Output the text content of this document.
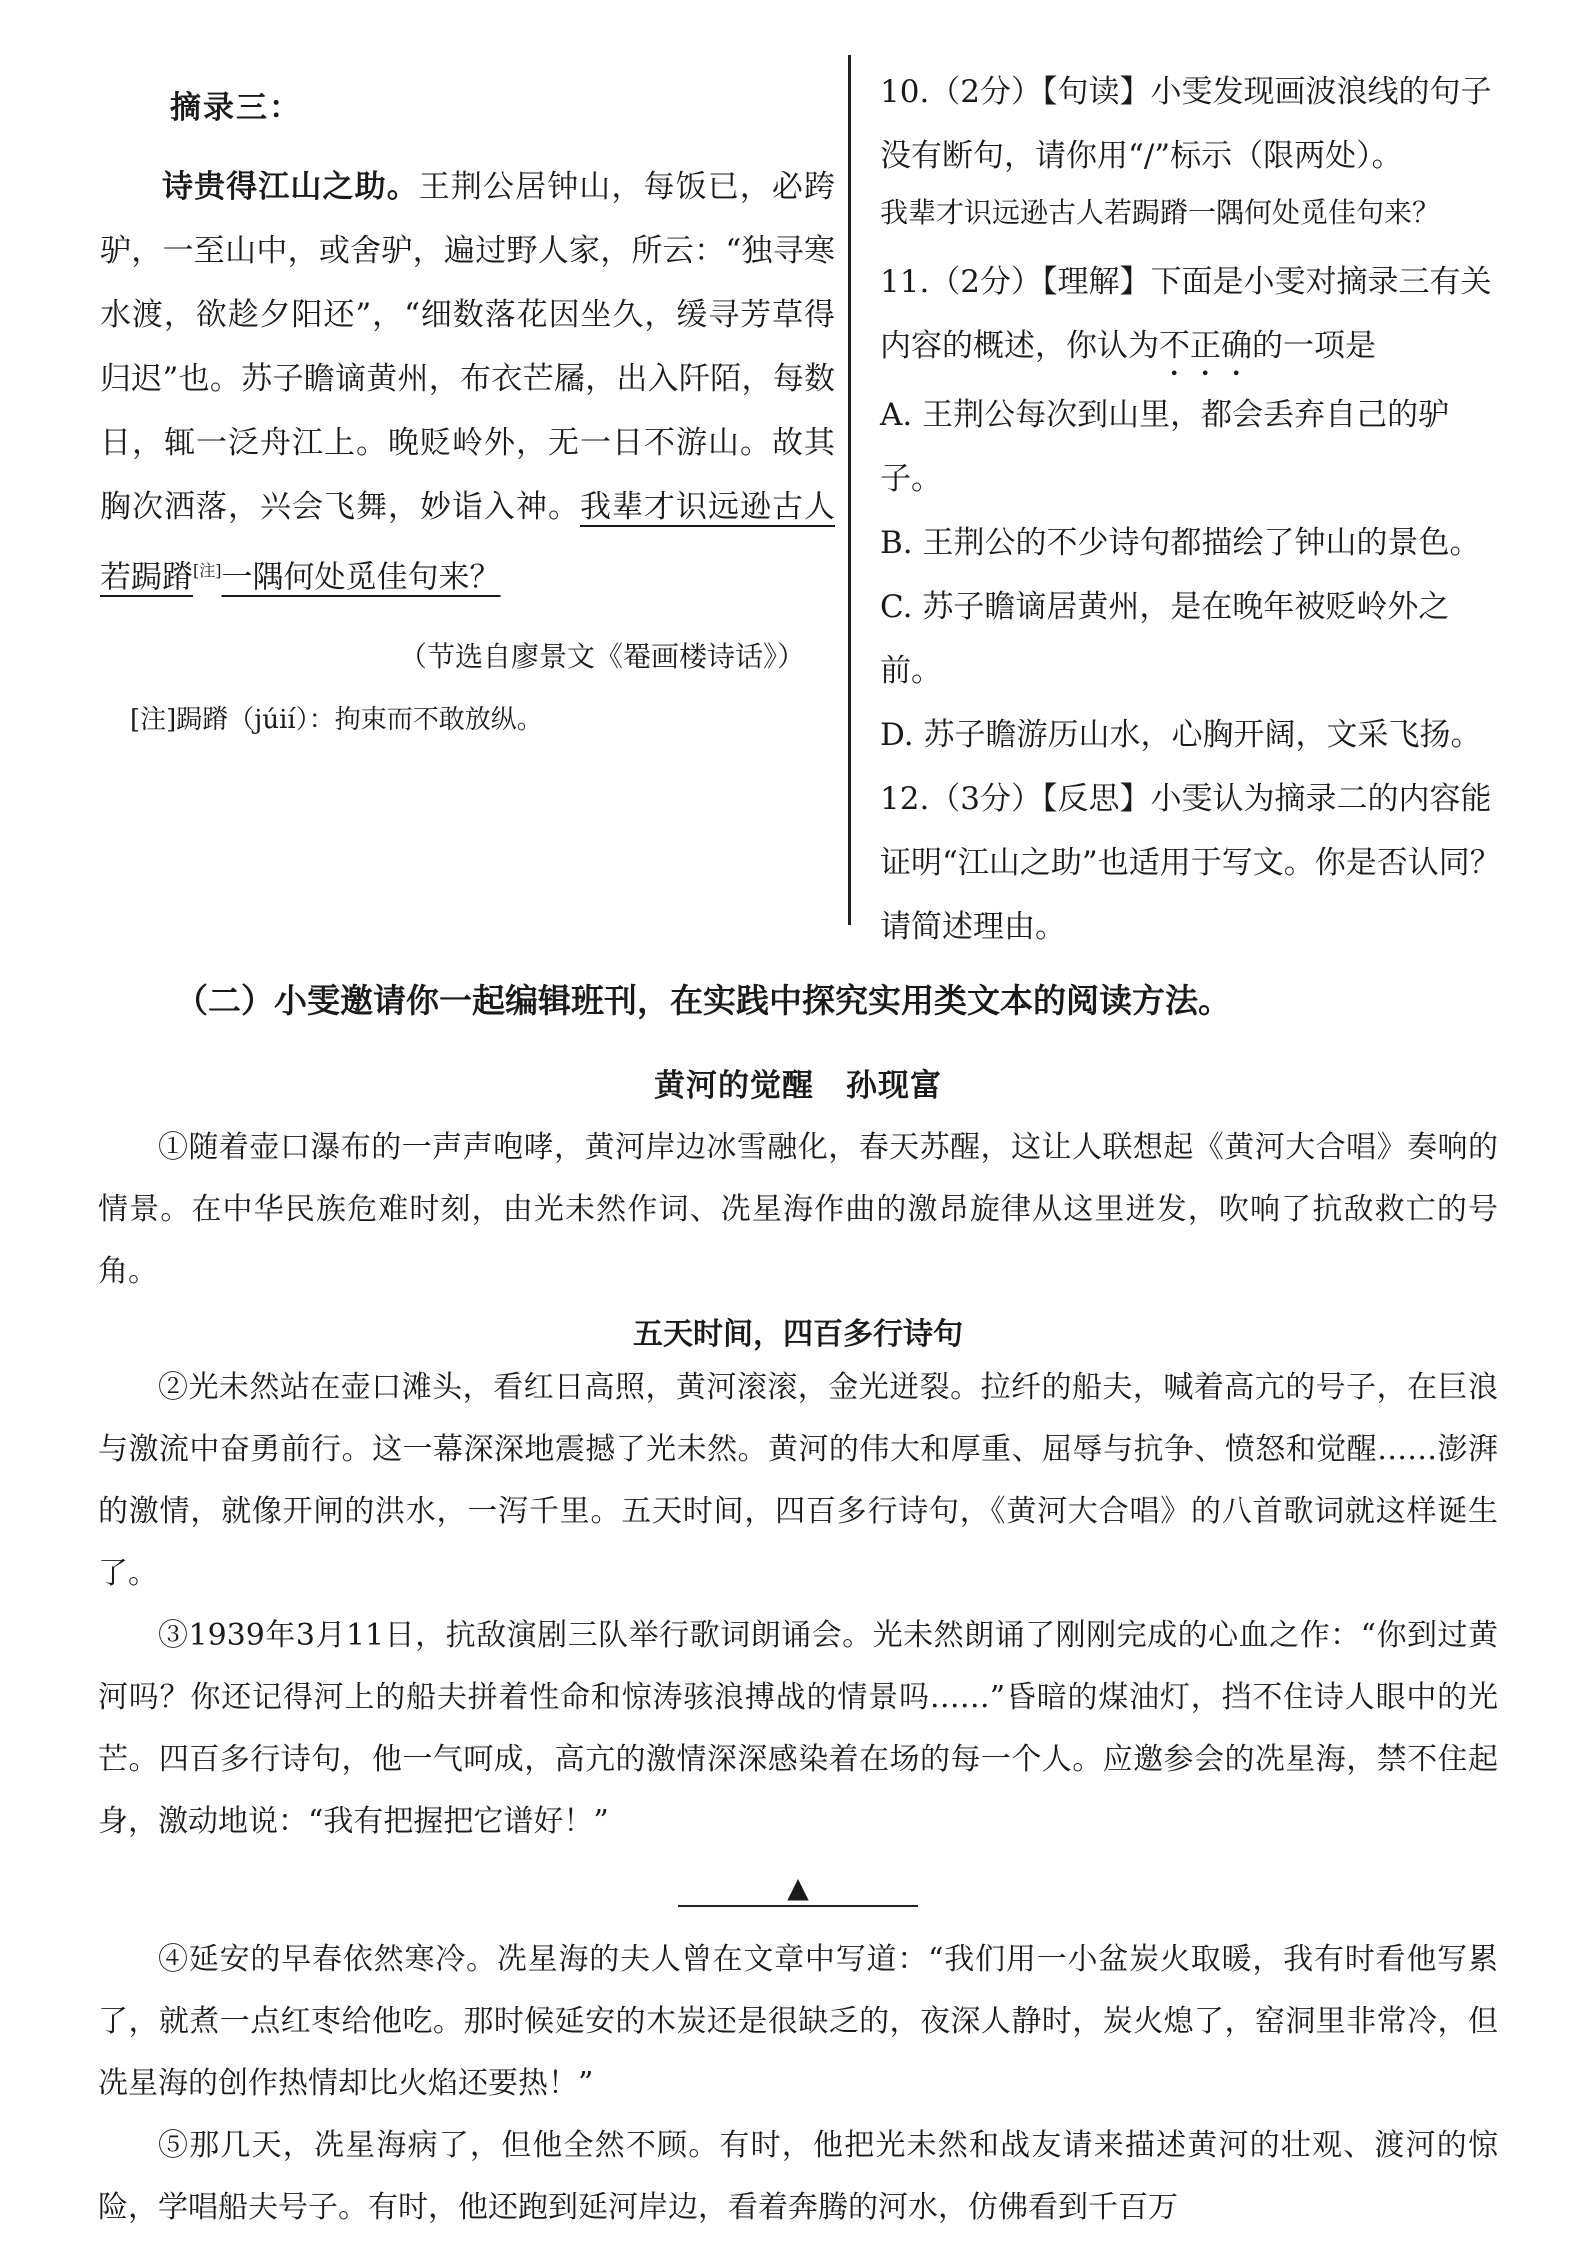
摘录三：

诗贵得江山之助。王荆公居钟山，每饭已，必跨驴，一至山中，或舍驴，遍过野人家，所云：“独寻寒水渡，欲趁夕阳还”，“细数落花因坐久，缓寻芳草得归迟”也。苏子瞻谪黄州，布衣芒屩，出入阡陌，每数日，辄一泛舟江上。晚贬岭外，无一日不游山。故其胸次洒落，兴会飞舞，妙诣入神。我辈才识远逊古人若跼蹐[注]一隅何处觅佳句来？

（节选自廖景文《罨画楼诗话》）
[注]跼蹐（júií）：拘束而不敢放纵。

10.（2分）【句读】小雯发现画波浪线的句子没有断句，请你用“/”标示（限两处）。

我辈才识远逊古人若跼蹐一隅何处觅佳句来？

11.（2分）【理解】下面是小雯对摘录三有关内容的概述，你认为不正确的一项是

A. 王荆公每次到山里，都会丢弃自己的驴子。

B. 王荆公的不少诗句都描绘了钟山的景色。

C. 苏子瞻谪居黄州，是在晚年被贬岭外之前。

D. 苏子瞻游历山水，心胸开阔，文采飞扬。

12.（3分）【反思】小雯认为摘录二的内容能证明“江山之助”也适用于写文。你是否认同？请简述理由。

（二）小雯邀请你一起编辑班刊，在实践中探究实用类文本的阅读方法。
黄河的觉醒 孙现富

①随着壶口瀑布的一声声咆哮，黄河岸边冰雪融化，春天苏醒，这让人联想起《黄河大合唱》奏响的情景。在中华民族危难时刻，由光未然作词、冼星海作曲的激昂旋律从这里迸发，吹响了抗敌救亡的号角。

五天时间，四百多行诗句

②光未然站在壶口滩头，看红日高照，黄河滚滚，金光迸裂。拉纤的船夫，喊着高亢的号子，在巨浪与激流中奋勇前行。这一幕深深地震撼了光未然。黄河的伟大和厚重、屈辱与抗争、愤怒和觉醒……澎湃的激情，就像开闸的洪水，一泻千里。五天时间，四百多行诗句，《黄河大合唱》的八首歌词就这样诞生了。

③1939年3月11日，抗敌演剧三队举行歌词朗诵会。光未然朗诵了刚刚完成的心血之作：“你到过黄河吗？你还记得河上的船夫拼着性命和惊涛骇浪搏战的情景吗……”昏暗的煤油灯，挡不住诗人眼中的光芒。四百多行诗句，他一气呵成，高亢的激情深深感染着在场的每一个人。应邀参会的冼星海，禁不住起身，激动地说：“我有把握把它谱好！”

▲

④延安的早春依然寒冷。冼星海的夫人曾在文章中写道：“我们用一小盆炭火取暖，我有时看他写累了，就煮一点红枣给他吃。那时候延安的木炭还是很缺乏的，夜深人静时，炭火熄了，窑洞里非常冷，但冼星海的创作热情却比火焰还要热！”

⑤那几天，冼星海病了，但他全然不顾。有时，他把光未然和战友请来描述黄河的壮观、渡河的惊险，学唱船夫号子。有时，他还跑到延河岸边，看着奔腾的河水，仿佛看到千百万
